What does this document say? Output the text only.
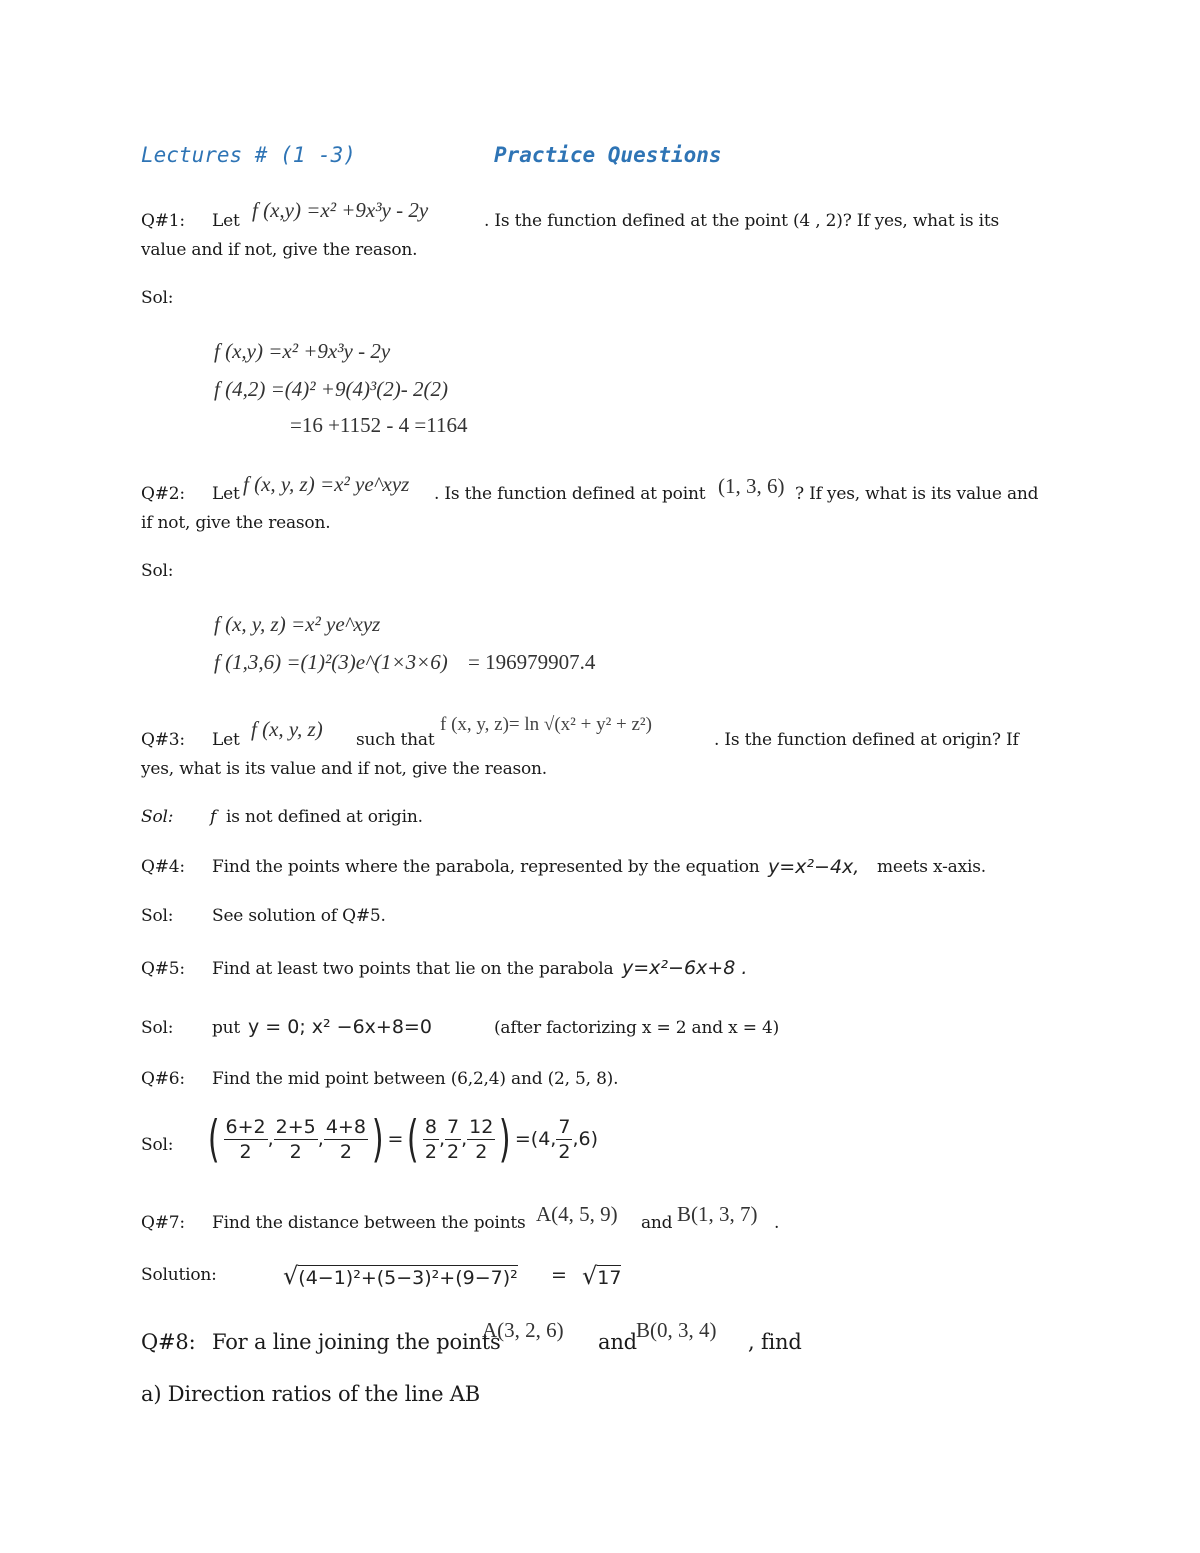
Lectures # (1 -3)	Practice Questions
Q#1: Let f (x,y) =x² +9x³y - 2y	. Is the function defined at the point (4 , 2)? If yes, what is its
value and if not, give the reason.
Sol:
f (x,y) =x² +9x³y - 2y
f (4,2) =(4)² +9(4)³(2)- 2(2)
=16 +1152 - 4 =1164
Q#2: Let f (x, y, z) =x² ye^xyz . Is the function defined at point (1, 3, 6) ? If yes, what is its value and
if not, give the reason.
Sol:
f (x, y, z) =x² ye^xyz
f (1,3,6) =(1)²(3)e^(1×3×6) = 196979907.4
Q#3: Let f (x, y, z) such that
f (x, y, z)= ln √(x² + y² + z²)
. Is the function defined at origin? If
yes, what is its value and if not, give the reason.
Sol: f is not defined at origin.
Q#4: Find the points where the parabola, represented by the equation y=x²−4x, meets x-axis.
Sol: See solution of Q#5.
Q#5: Find at least two points that lie on the parabola y=x²−6x+8 .
Sol: put y = 0; x² −6x+8=0	(after factorizing x = 2 and x = 4)
Q#6: Find the mid point between (6,2,4) and (2, 5, 8).
Sol: ( $\frac{6+2}{2}$ , $\frac{2+5}{2}$ , $\frac{4+8}{2}$ ) =( $\frac{8}{2}$ , $\frac{7}{2}$ , $\frac{12}{2}$ ) =(4, $\frac{7}{2} ,6$)
Q#7: Find the distance between the points A(4, 5, 9) and B(1, 3, 7) .
Solution:	√(4−1)²+(5−3)²+(9−7)² = √17
Q#8: For a line joining the points
A(3, 2, 6) and B(0, 3, 4) , find
a) Direction ratios of the line AB
